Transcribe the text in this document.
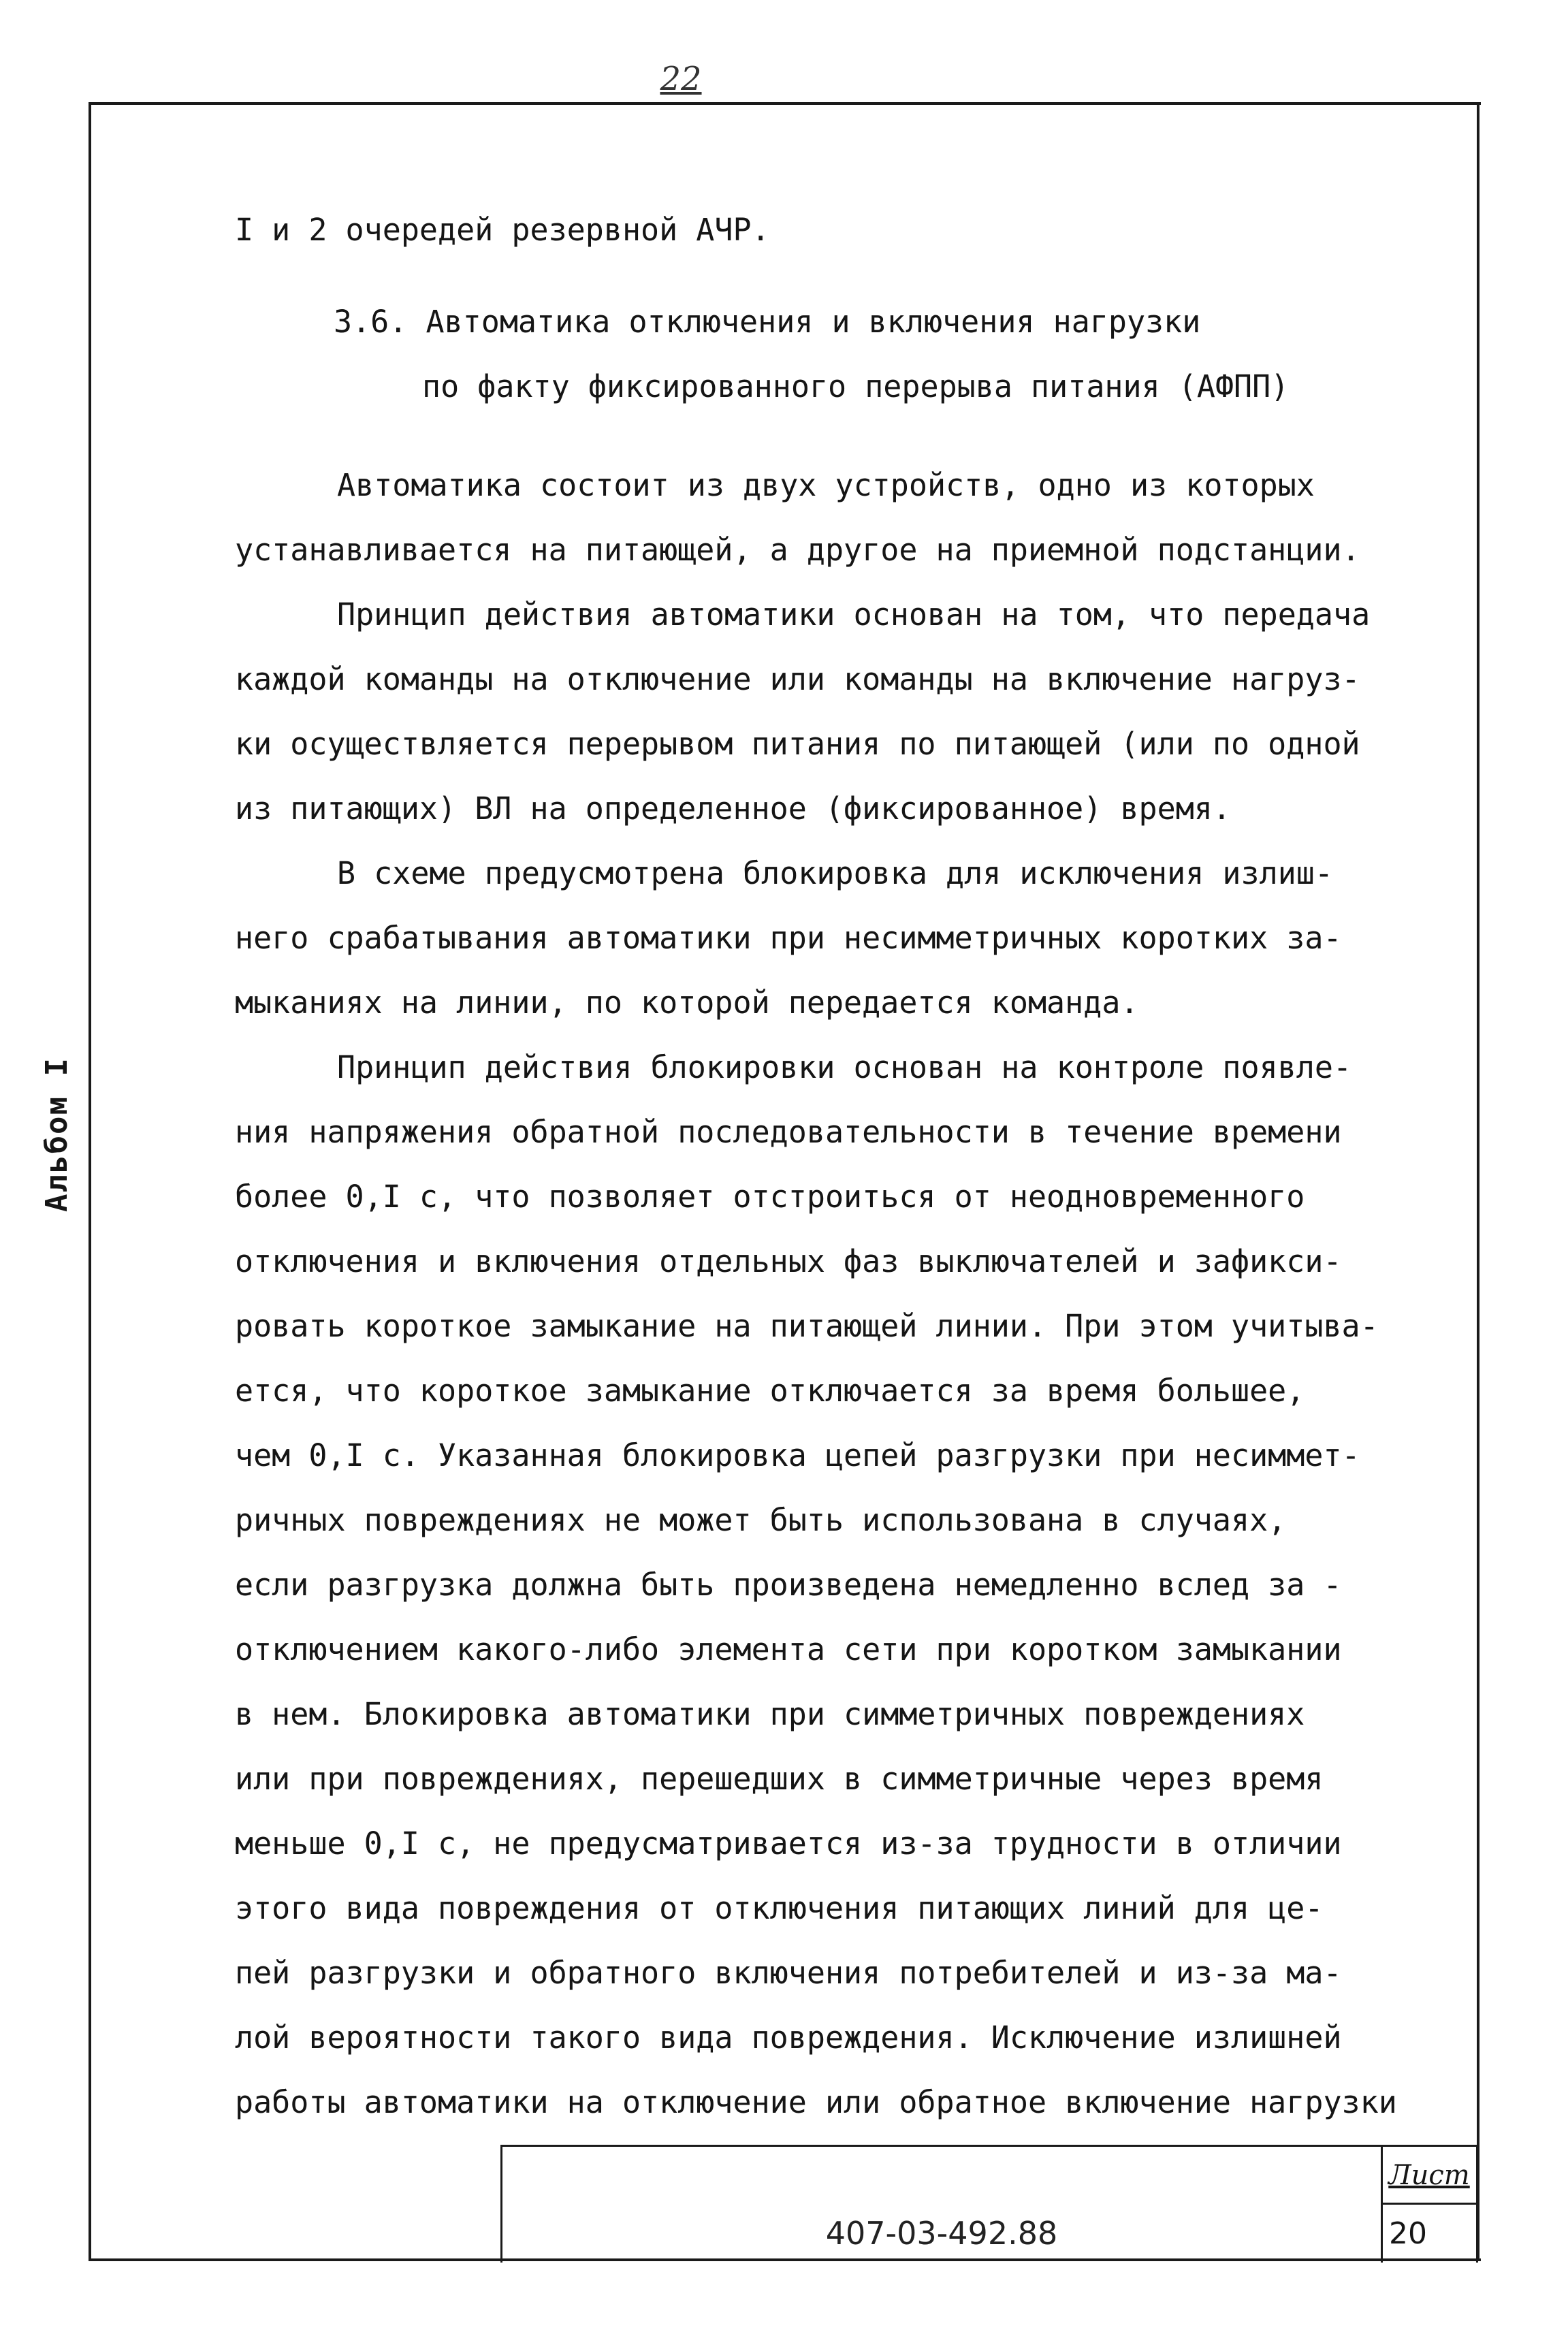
22
Альбом I
I и 2 очередей резервной АЧР.
3.6. Автоматика отключения и включения нагрузки
по факту фиксированного перерыва питания (АФПП)
Автоматика состоит из двух устройств, одно из которых
устанавливается на питающей, а другое на приемной подстанции.
Принцип действия автоматики основан на том, что передача
каждой команды на отключение или команды на включение нагруз-
ки осуществляется перерывом питания по питающей (или по одной
из питающих) ВЛ на определенное (фиксированное) время.
В схеме предусмотрена блокировка для исключения излиш-
него срабатывания автоматики при несимметричных коротких за-
мыканиях на линии, по которой передается команда.
Принцип действия блокировки основан на контроле появле-
ния напряжения обратной последовательности в течение времени
более 0,I с, что позволяет отстроиться от неодновременного
отключения и включения отдельных фаз выключателей и зафикси-
ровать короткое замыкание на питающей линии. При этом учитыва-
ется, что короткое замыкание отключается за время большее,
чем 0,I с. Указанная блокировка цепей разгрузки при несиммет-
ричных повреждениях не может быть использована в случаях,
если разгрузка должна быть произведена немедленно вслед за -
отключением какого-либо элемента сети при коротком замыкании
в нем. Блокировка автоматики при симметричных повреждениях
или при повреждениях, перешедших в симметричные через время
меньше 0,I с, не предусматривается из-за трудности в отличии
этого вида повреждения от отключения питающих линий для це-
пей разгрузки и обратного включения потребителей и из-за ма-
лой вероятности такого вида повреждения. Исключение излишней
работы автоматики на отключение или обратное включение нагрузки
407-03-492.88
Лист
20
